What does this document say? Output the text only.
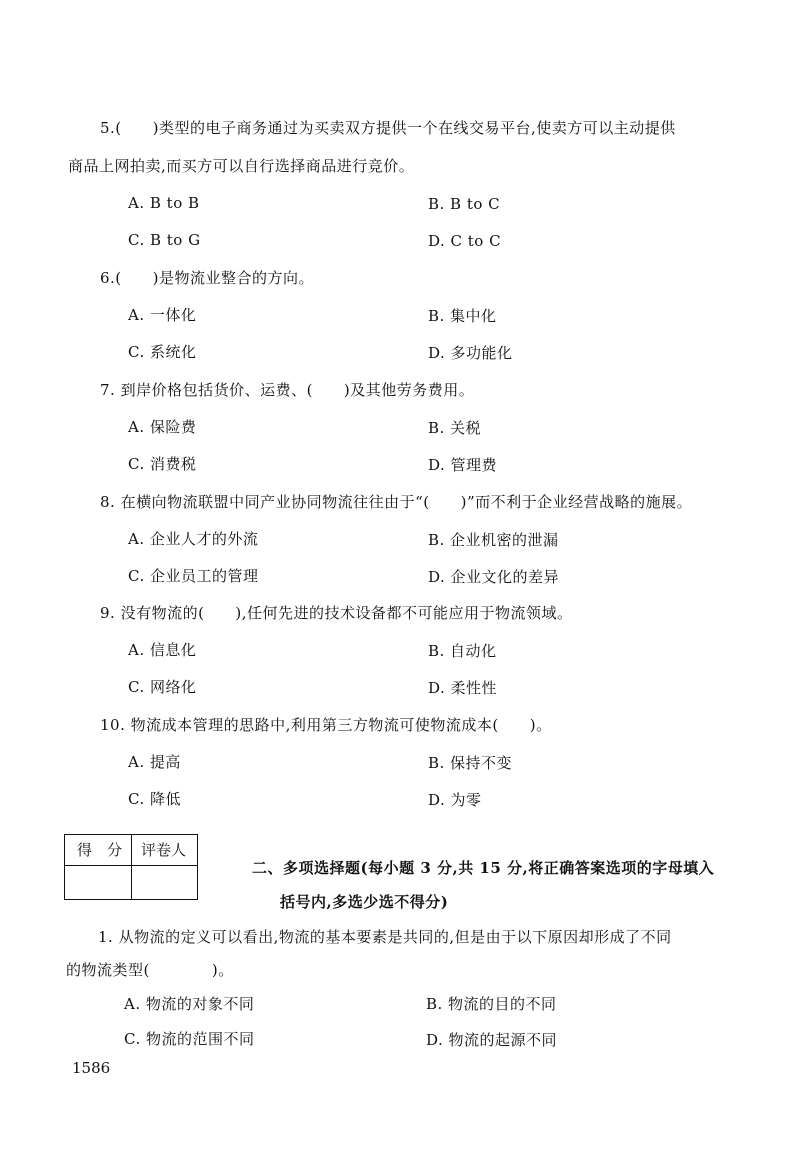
5.(　　)类型的电子商务通过为买卖双方提供一个在线交易平台,使卖方可以主动提供
商品上网拍卖,而买方可以自行选择商品进行竞价。
A. B to B	B. B to C
C. B to G	D. C to C
6.(　　)是物流业整合的方向。
A. 一体化	B. 集中化
C. 系统化	D. 多功能化
7. 到岸价格包括货价、运费、(　　)及其他劳务费用。
A. 保险费	B. 关税
C. 消费税	D. 管理费
8. 在横向物流联盟中同产业协同物流往往由于“(　　)”而不利于企业经营战略的施展。
A. 企业人才的外流	B. 企业机密的泄漏
C. 企业员工的管理	D. 企业文化的差异
9. 没有物流的(　　),任何先进的技术设备都不可能应用于物流领域。
A. 信息化	B. 自动化
C. 网络化	D. 柔性性
10. 物流成本管理的思路中,利用第三方物流可使物流成本(　　)。
A. 提高	B. 保持不变
C. 降低	D. 为零
得　分 评卷人
二、多项选择题(每小题 3 分,共 15 分,将正确答案选项的字母填入
括号内,多选少选不得分)
1. 从物流的定义可以看出,物流的基本要素是共同的,但是由于以下原因却形成了不同
的物流类型(　　　　)。
A. 物流的对象不同	B. 物流的目的不同
C. 物流的范围不同	D. 物流的起源不同
1586
